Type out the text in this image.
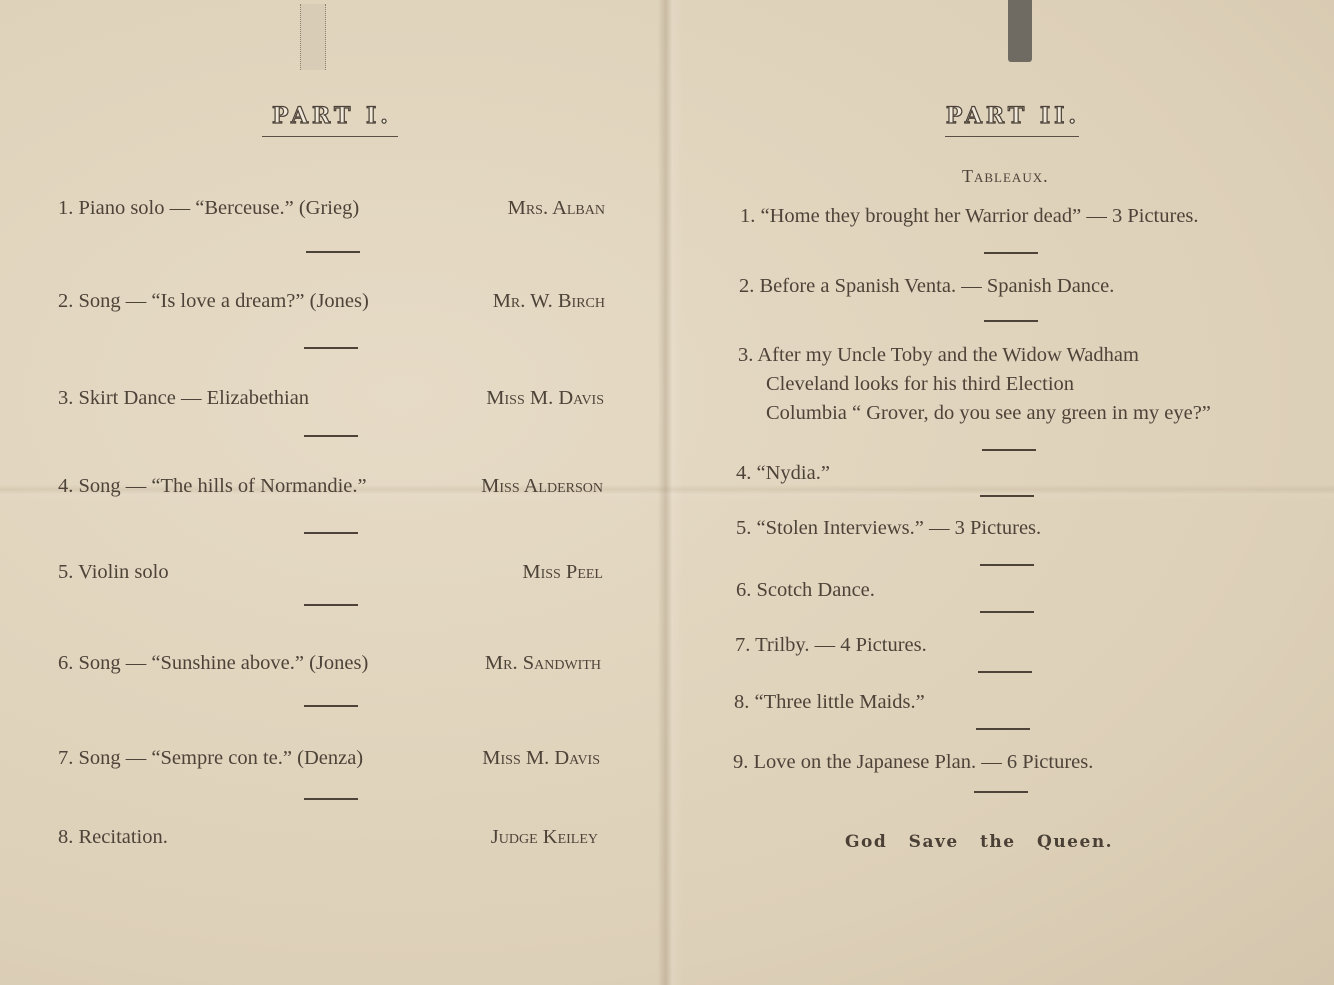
PART I.
1. Piano solo — “Berceuse.” (Grieg)	Mrs. Alban
2. Song — “Is love a dream?” (Jones)	Mr. W. Birch
3. Skirt Dance — Elizabethian	Miss M. Davis
4. Song — “The hills of Normandie.”	Miss Alderson
5. Violin solo	Miss Peel
6. Song — “Sunshine above.” (Jones)	Mr. Sandwith
7. Song — “Sempre con te.” (Denza)	Miss M. Davis
8. Recitation.	Judge Keiley
PART II.
Tableaux.
1. “Home they brought her Warrior dead” — 3 Pictures.
2. Before a Spanish Venta. — Spanish Dance.
3. After my Uncle Toby and the Widow Wadham
Cleveland looks for his third Election
Columbia “ Grover, do you see any green in my eye?”
4. “Nydia.”
5. “Stolen Interviews.” — 3 Pictures.
6. Scotch Dance.
7. Trilby. — 4 Pictures.
8. “Three little Maids.”
9. Love on the Japanese Plan. — 6 Pictures.
God Save the Queen.
